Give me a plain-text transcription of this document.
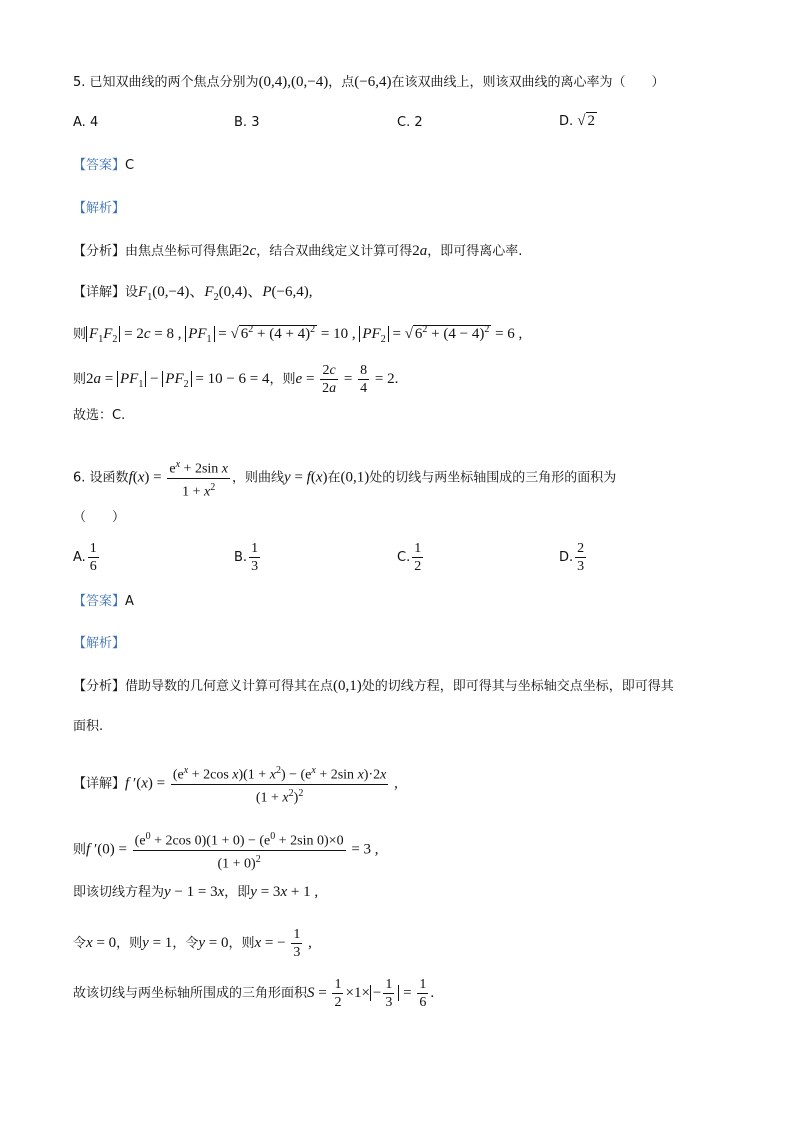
5. 已知双曲线的两个焦点分别为(0,4),(0,−4)，点(−6,4)在该双曲线上，则该双曲线的离心率为（　　）
A. 4	B. 3	C. 2	D. √ 2
【答案】C
【解析】
【分析】由焦点坐标可得焦距2c，结合双曲线定义计算可得2a，即可得离心率.
【详解】设$F_1(0,-4)$、$F_2(0,4)$、P(−6,4),
则 $F_1F_2 = 2c = 8$ , $PF_1$ = √ $6^2 + (4 + 4)^2 = 10$ , $PF_2$ = √ $6^2 + (4 - 4)^2 = 6$ ,
则$2a = PF_1 - PF_2 = 10 - 6 = 4$，则$e = \frac{2c}{2a} = \frac{8}{4} = 2$.
故选：C.
6. 设函数$f(x) = \frac{e^x + 2\sin x}{1 + x^2}$ ，则曲线y = f(x)在(0,1)处的切线与两坐标轴围成的三角形的面积为
（　　）
A. $\frac{1}{6}$	B. $\frac{1}{3}$	C. $\frac{1}{2}$	D. $\frac{2}{3}$
【答案】A
【解析】
【分析】借助导数的几何意义计算可得其在点(0,1)处的切线方程，即可得其与坐标轴交点坐标，即可得其
面积.
【详解】f $'(x) = \frac{(e^x + 2\cos x)(1 + x^2) - (e^x + 2\sin x)\cdot 2x}{(1 + x^2)^2}$ ,
则f $'(0) = \frac{(e^0 + 2\cos 0)(1 + 0) - (e^0 + 2\sin 0)\times 0}{(1 + 0)^2} = 3$ ,
即该切线方程为y − 1 = 3x，即y = 3x + 1 ,
令x = 0，则y = 1，令y = 0，则x = − $\frac{1}{3}$ ,
故该切线与两坐标轴所围成的三角形面积$S = \frac{1}{2} \times 1\times - \frac{1}{3} = \frac{1}{6}$ .
